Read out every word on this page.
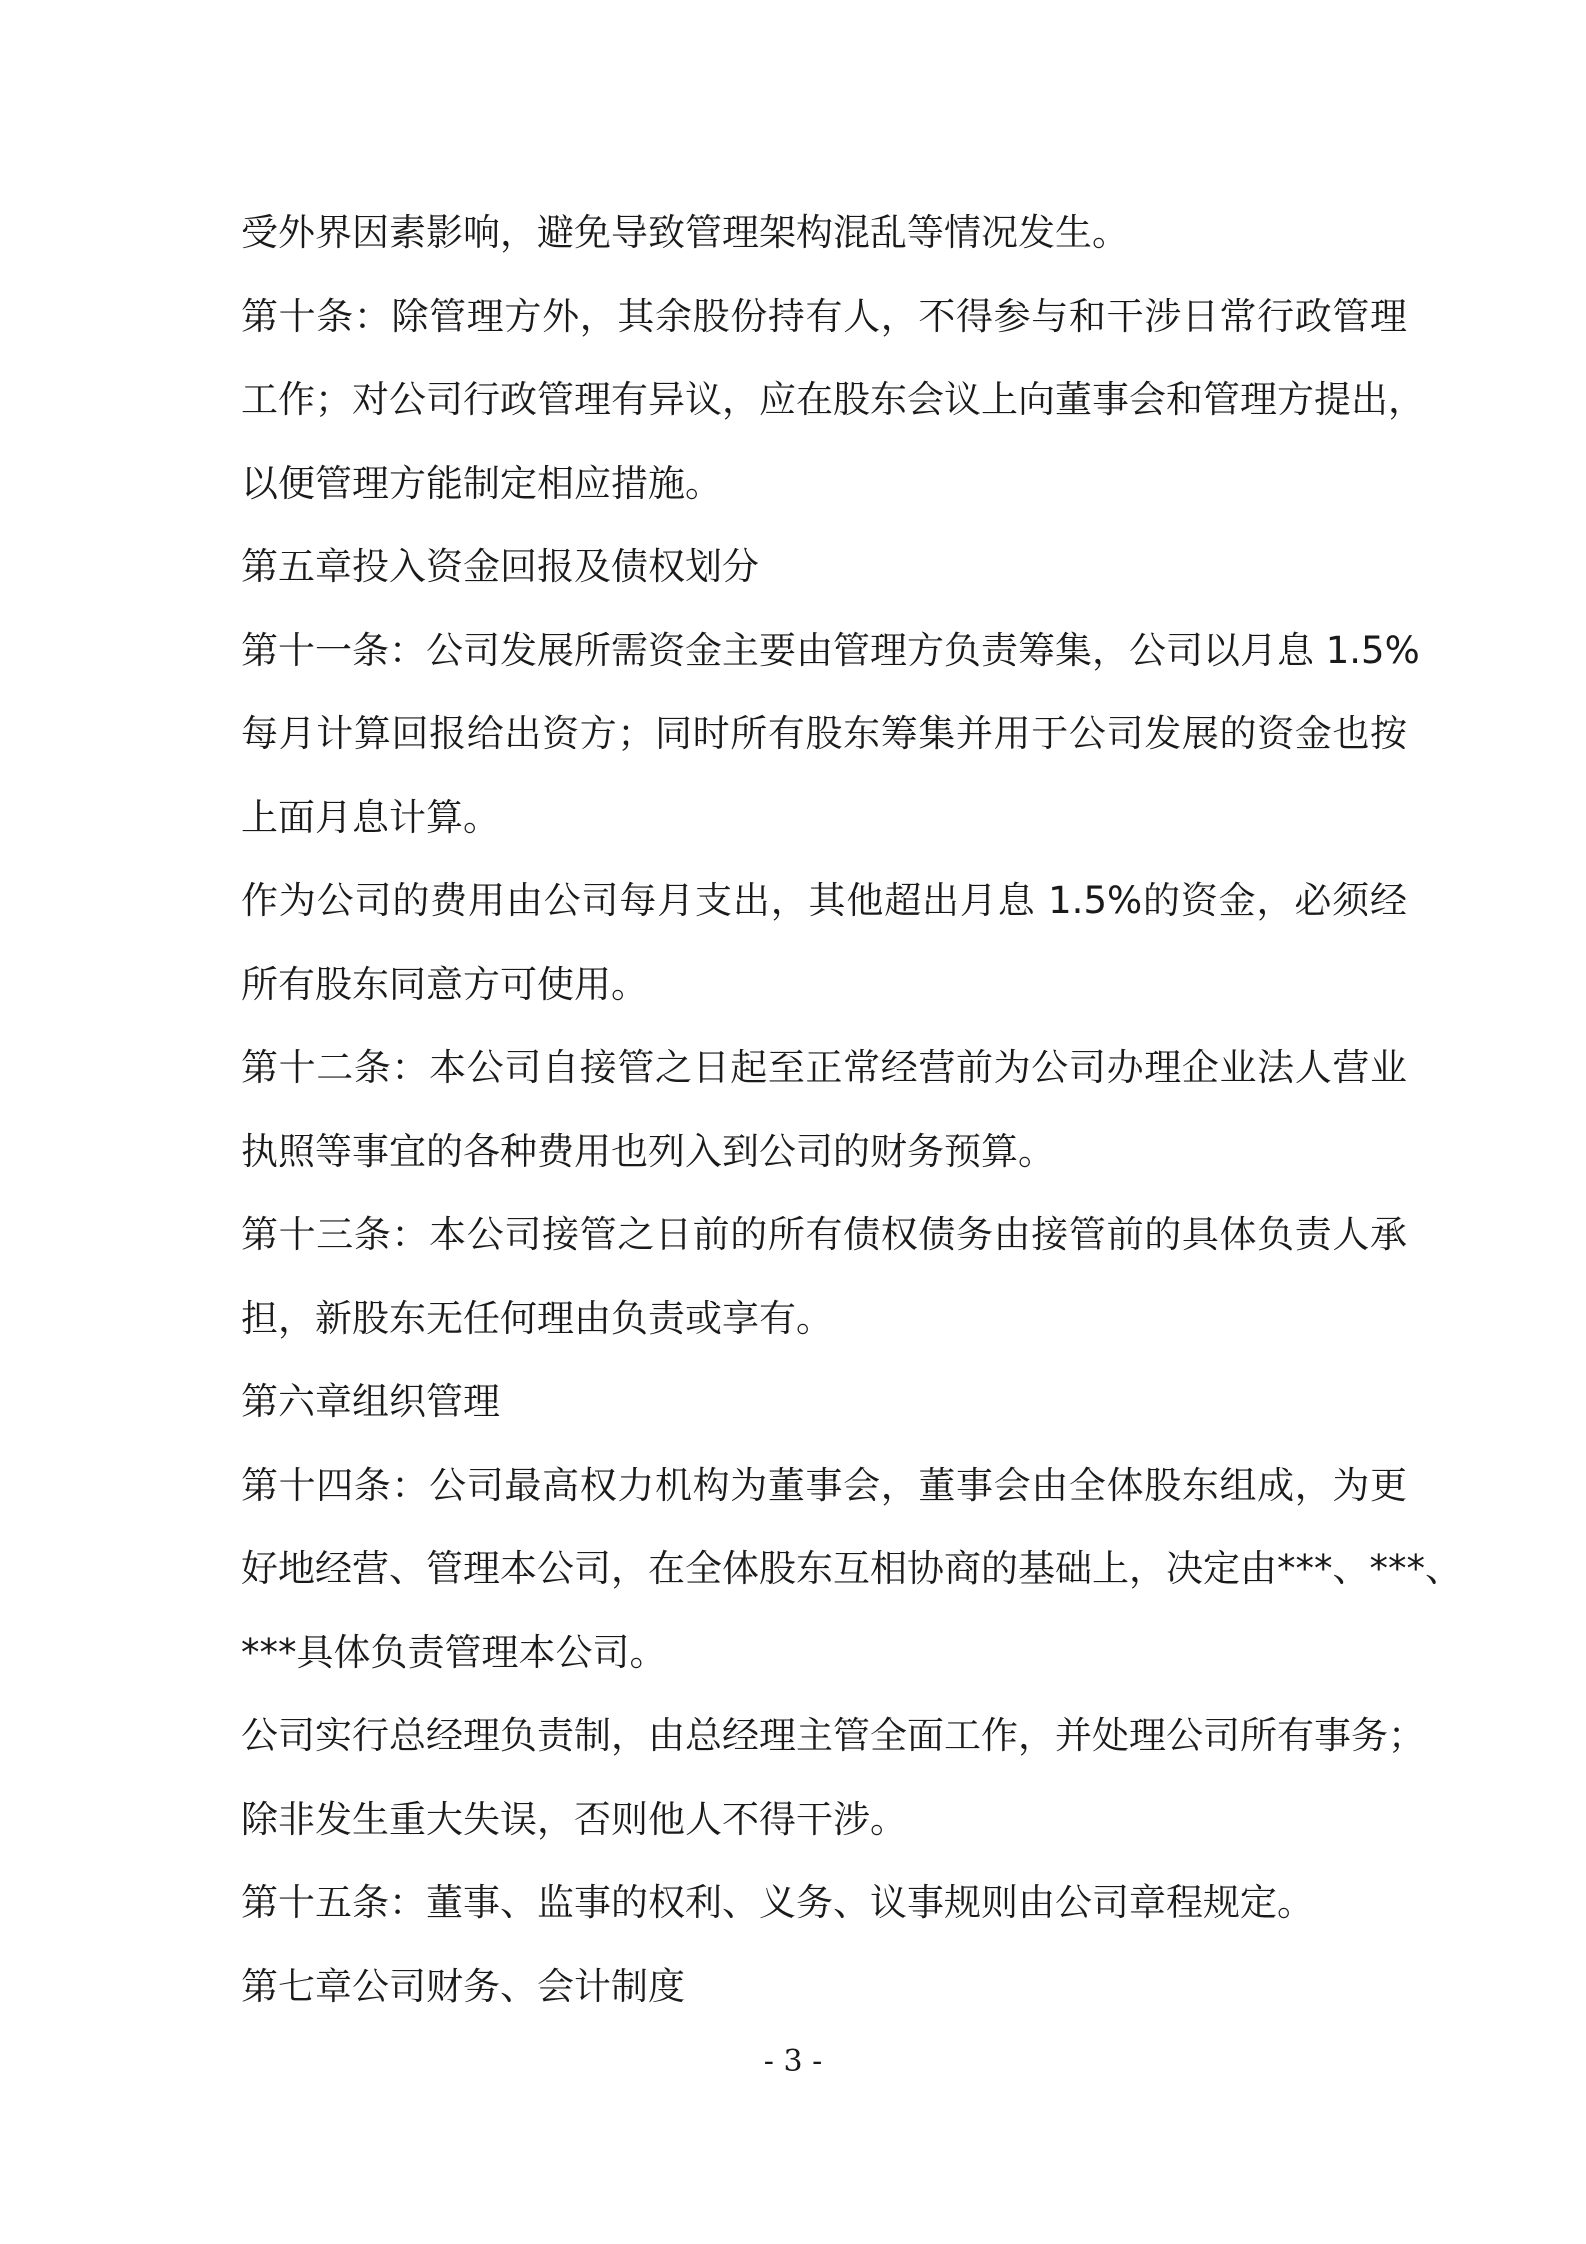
受外界因素影响，避免导致管理架构混乱等情况发生。
第十条：除管理方外，其余股份持有人，不得参与和干涉日常行政管理
工作；对公司行政管理有异议，应在股东会议上向董事会和管理方提出，
以便管理方能制定相应措施。
第五章投入资金回报及债权划分
第十一条：公司发展所需资金主要由管理方负责筹集，公司以月息 1.5%
每月计算回报给出资方；同时所有股东筹集并用于公司发展的资金也按
上面月息计算。
作为公司的费用由公司每月支出，其他超出月息 1.5%的资金，必须经
所有股东同意方可使用。
第十二条：本公司自接管之日起至正常经营前为公司办理企业法人营业
执照等事宜的各种费用也列入到公司的财务预算。
第十三条：本公司接管之日前的所有债权债务由接管前的具体负责人承
担，新股东无任何理由负责或享有。
第六章组织管理
第十四条：公司最高权力机构为董事会，董事会由全体股东组成，为更
好地经营、管理本公司，在全体股东互相协商的基础上，决定由***、***、
***具体负责管理本公司。
公司实行总经理负责制，由总经理主管全面工作，并处理公司所有事务；
除非发生重大失误，否则他人不得干涉。
第十五条：董事、监事的权利、义务、议事规则由公司章程规定。
第七章公司财务、会计制度
- 3 -
